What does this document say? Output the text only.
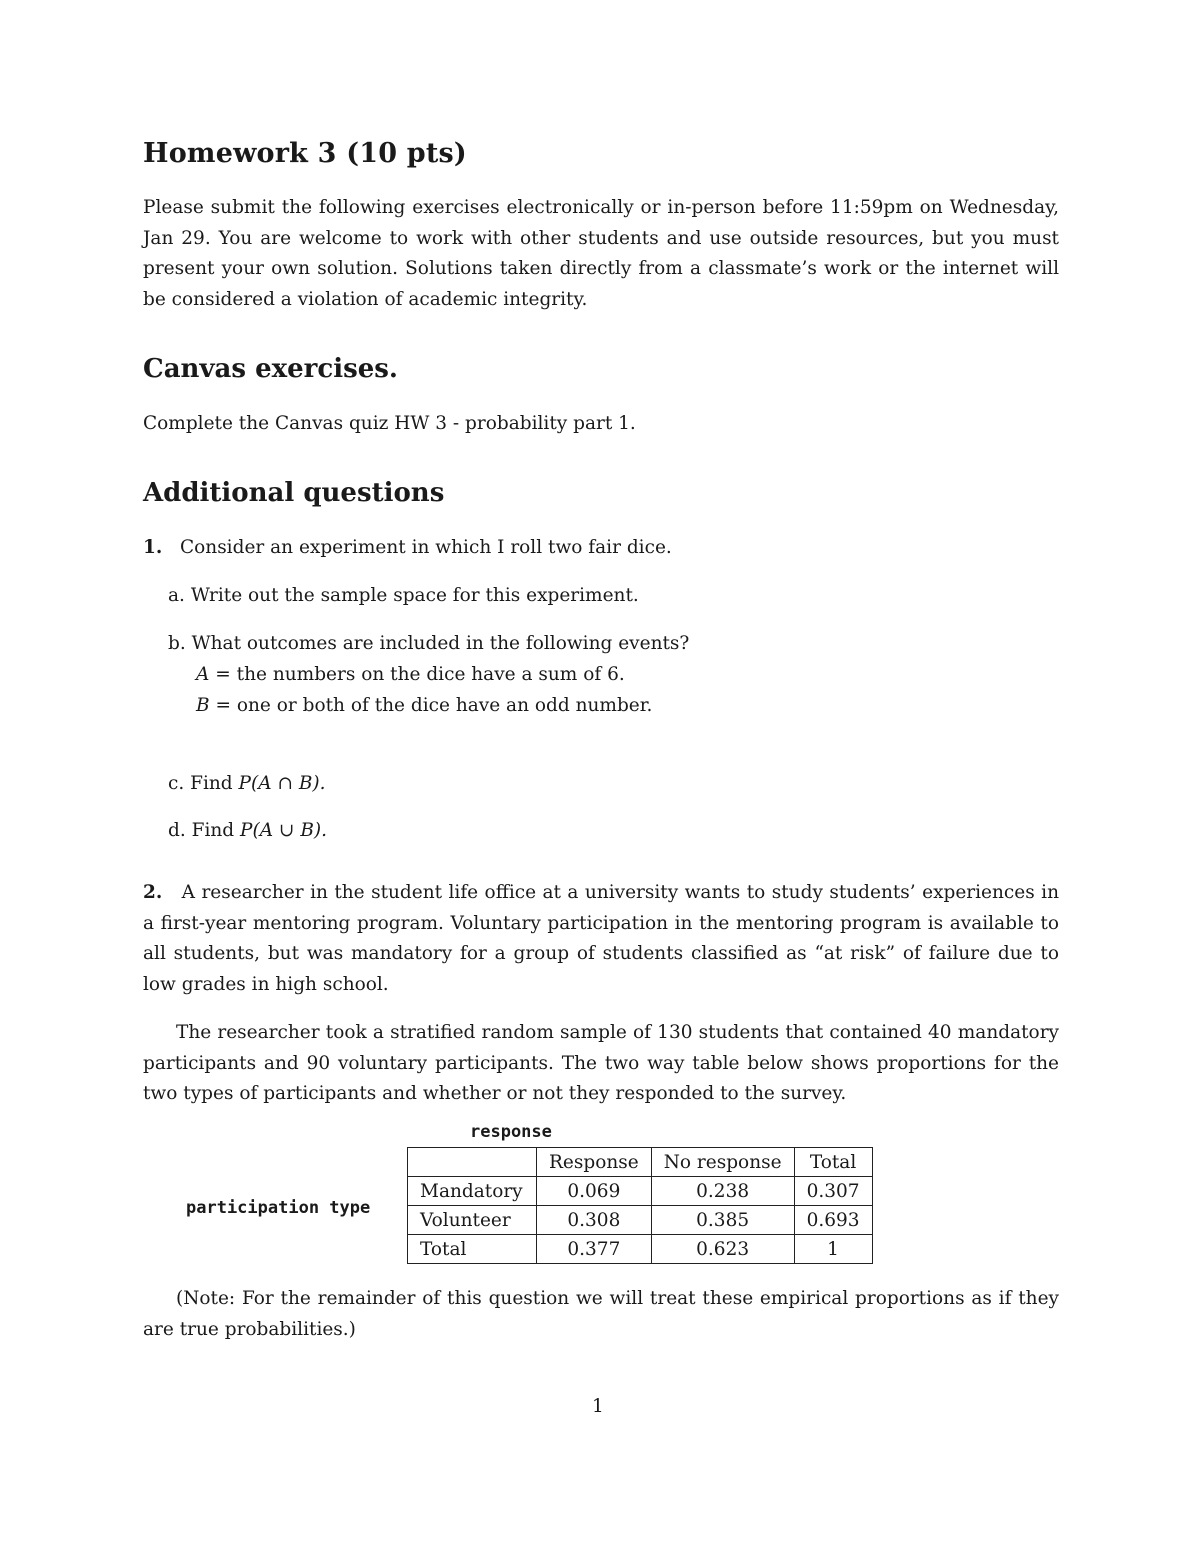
Homework 3 (10 pts)

Please submit the following exercises electronically or in-person before 11:59pm on Wednesday, Jan 29. You are welcome to work with other students and use outside resources, but you must present your own solution. Solutions taken directly from a classmate’s work or the internet will be considered a violation of academic integrity.

Canvas exercises.
Complete the Canvas quiz HW 3 - probability part 1.
Additional questions
1. Consider an experiment in which I roll two fair dice.
a. Write out the sample space for this experiment.
b. What outcomes are included in the following events?
A = the numbers on the dice have a sum of 6.
B = one or both of the dice have an odd number.
c. Find P(A ∩ B).
d. Find P(A ∪ B).
2. A researcher in the student life office at a university wants to study students’ experiences in a first-year mentoring program. Voluntary participation in the mentoring program is available to all students, but was mandatory for a group of students classified as “at risk” of failure due to low grades in high school.

The researcher took a stratified random sample of 130 students that contained 40 mandatory participants and 90 voluntary participants. The two way table below shows proportions for the two types of participants and whether or not they responded to the survey.

response
participation type
	Response	No response	Total
Mandatory	0.069	0.238	0.307
Volunteer	0.308	0.385	0.693
Total	0.377	0.623	1

(Note: For the remainder of this question we will treat these empirical proportions as if they are true probabilities.)

1
